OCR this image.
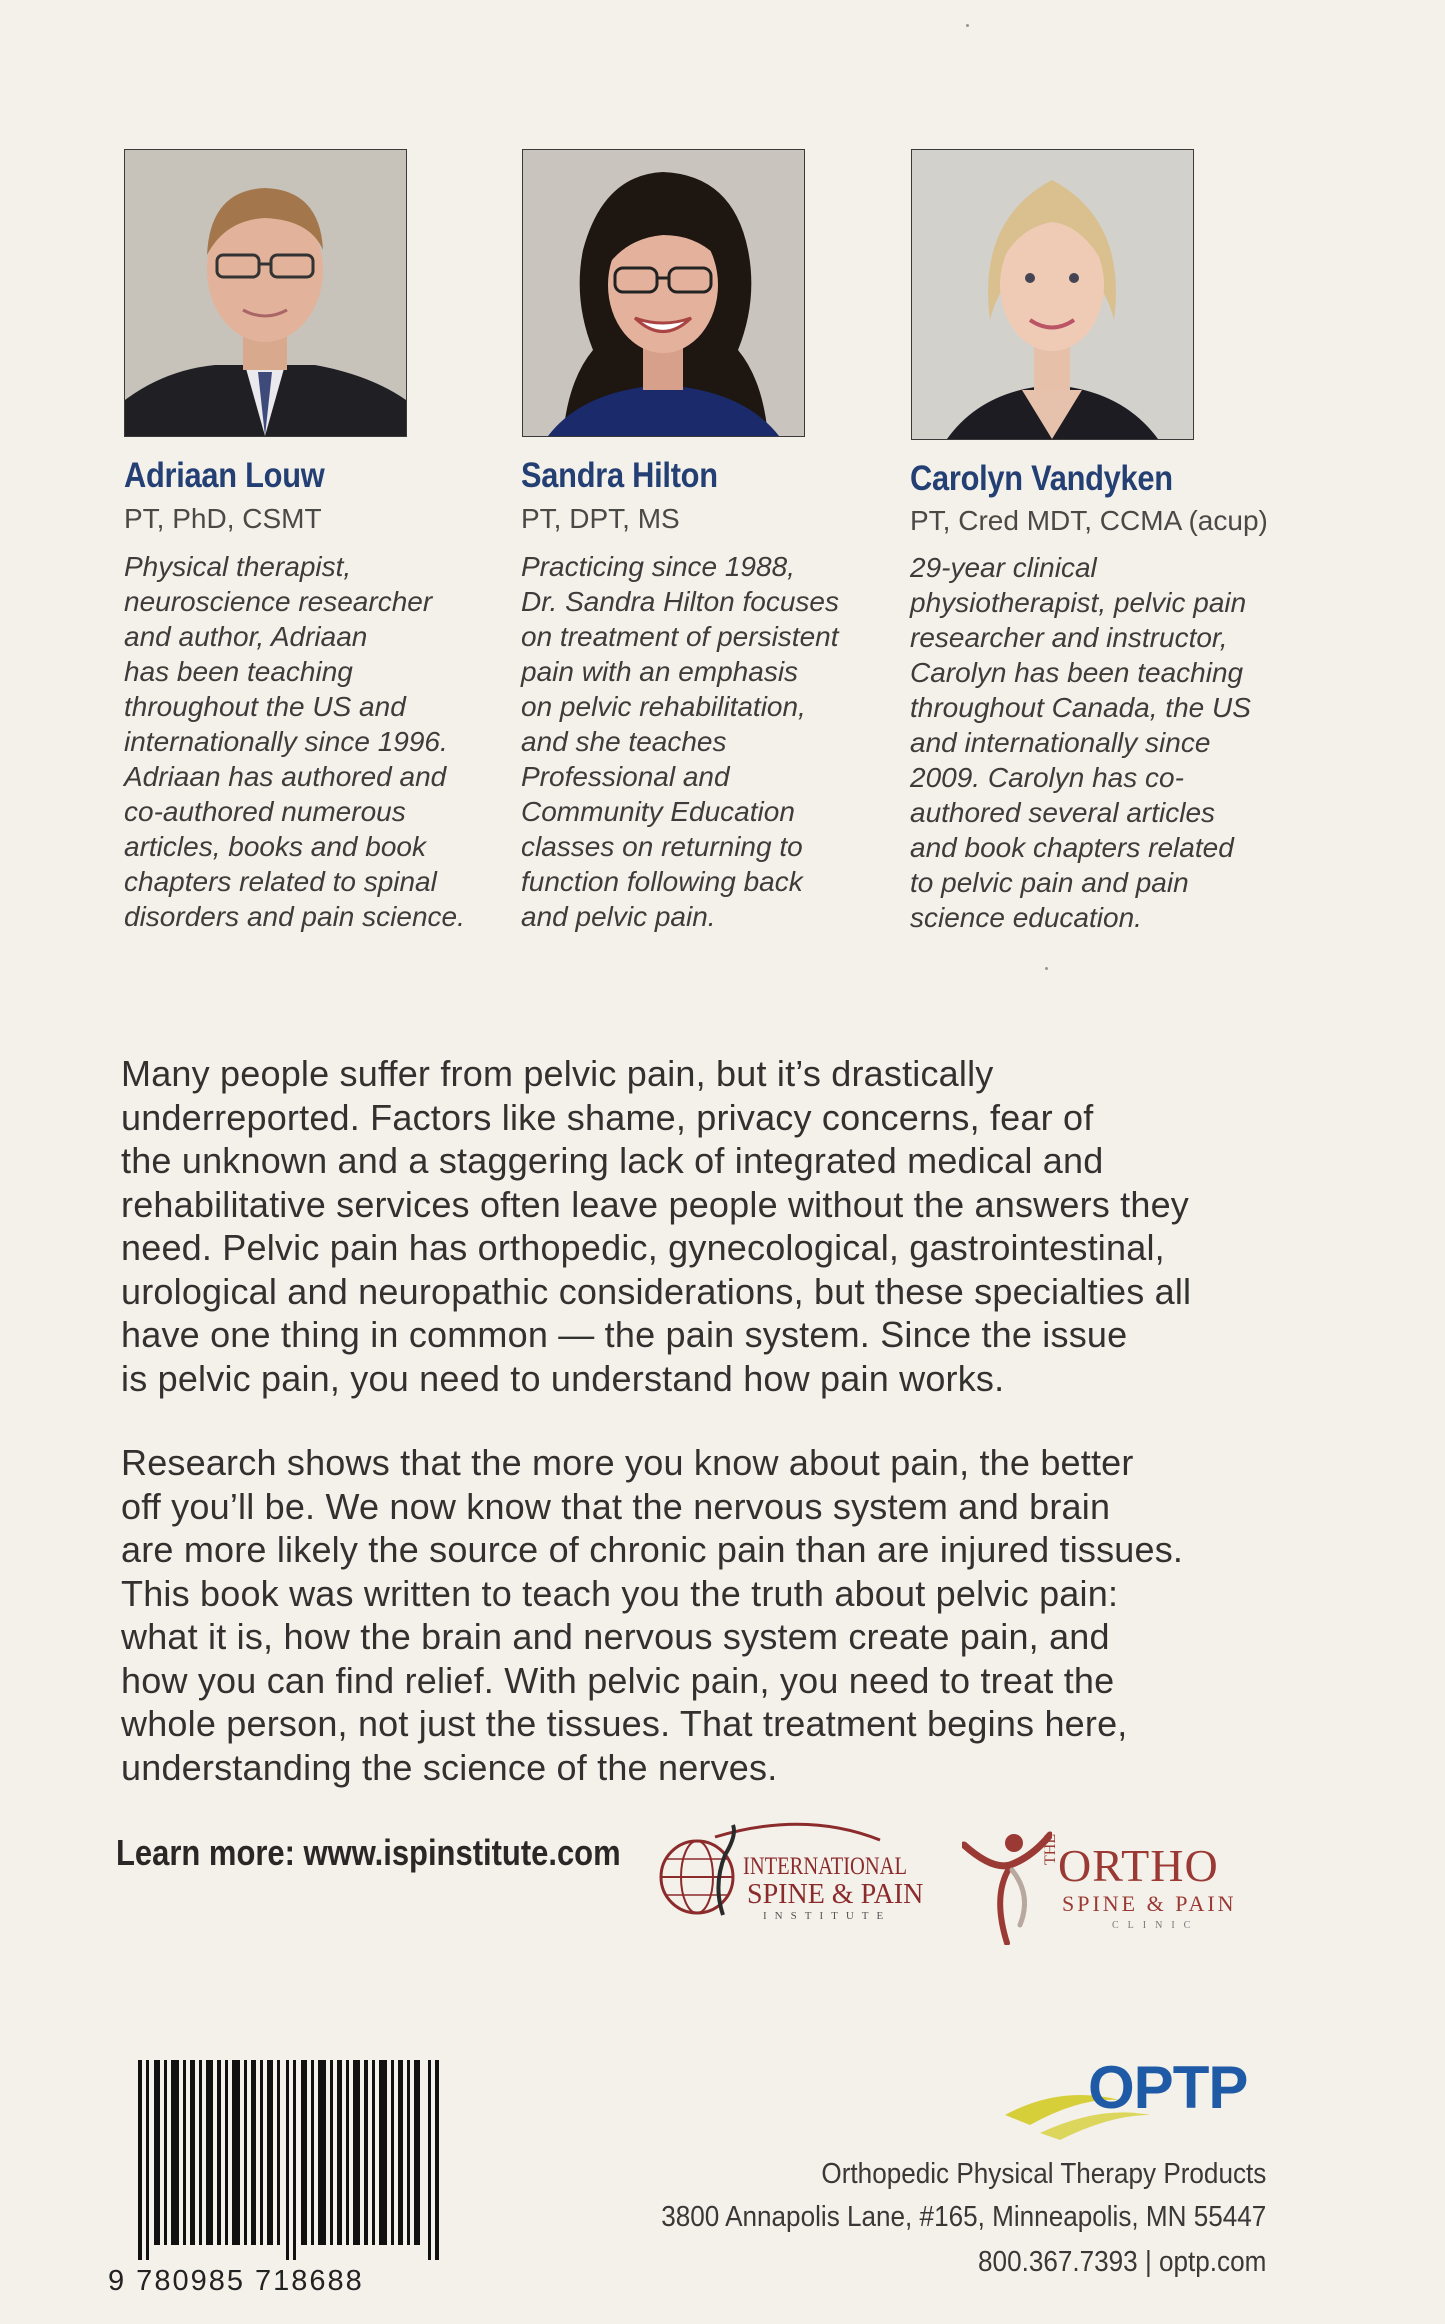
Adriaan Louw
PT, PhD, CSMT

Physical therapist,
neuroscience researcher
and author, Adriaan
has been teaching
throughout the US and
internationally since 1996.
Adriaan has authored and
co-authored numerous
articles, books and book
chapters related to spinal
disorders and pain science.

Sandra Hilton
PT, DPT, MS

Practicing since 1988,
Dr. Sandra Hilton focuses
on treatment of persistent
pain with an emphasis
on pelvic rehabilitation,
and she teaches
Professional and
Community Education
classes on returning to
function following back
and pelvic pain.

Carolyn Vandyken
PT, Cred MDT, CCMA (acup)

29-year clinical
physiotherapist, pelvic pain
researcher and instructor,
Carolyn has been teaching
throughout Canada, the US
and internationally since
2009. Carolyn has co-
authored several articles
and book chapters related
to pelvic pain and pain
science education.

Many people suffer from pelvic pain, but it’s drastically
underreported. Factors like shame, privacy concerns, fear of
the unknown and a staggering lack of integrated medical and
rehabilitative services often leave people without the answers they
need. Pelvic pain has orthopedic, gynecological, gastrointestinal,
urological and neuropathic considerations, but these specialties all
have one thing in common — the pain system. Since the issue
is pelvic pain, you need to understand how pain works.

Research shows that the more you know about pain, the better
off you’ll be. We now know that the nervous system and brain
are more likely the source of chronic pain than are injured tissues.
This book was written to teach you the truth about pelvic pain:
what it is, how the brain and nervous system create pain, and
how you can find relief. With pelvic pain, you need to treat the
whole person, not just the tissues. That treatment begins here,
understanding the science of the nerves.

Learn more: www.ispinstitute.com	INTERNATIONAL
SPINE & PAIN
INSTITUTE
THE ORTHO
SPINE & PAIN
CLINIC
9 780985 718688
OPTP
Orthopedic Physical Therapy Products
3800 Annapolis Lane, #165, Minneapolis, MN 55447
800.367.7393 | optp.com
